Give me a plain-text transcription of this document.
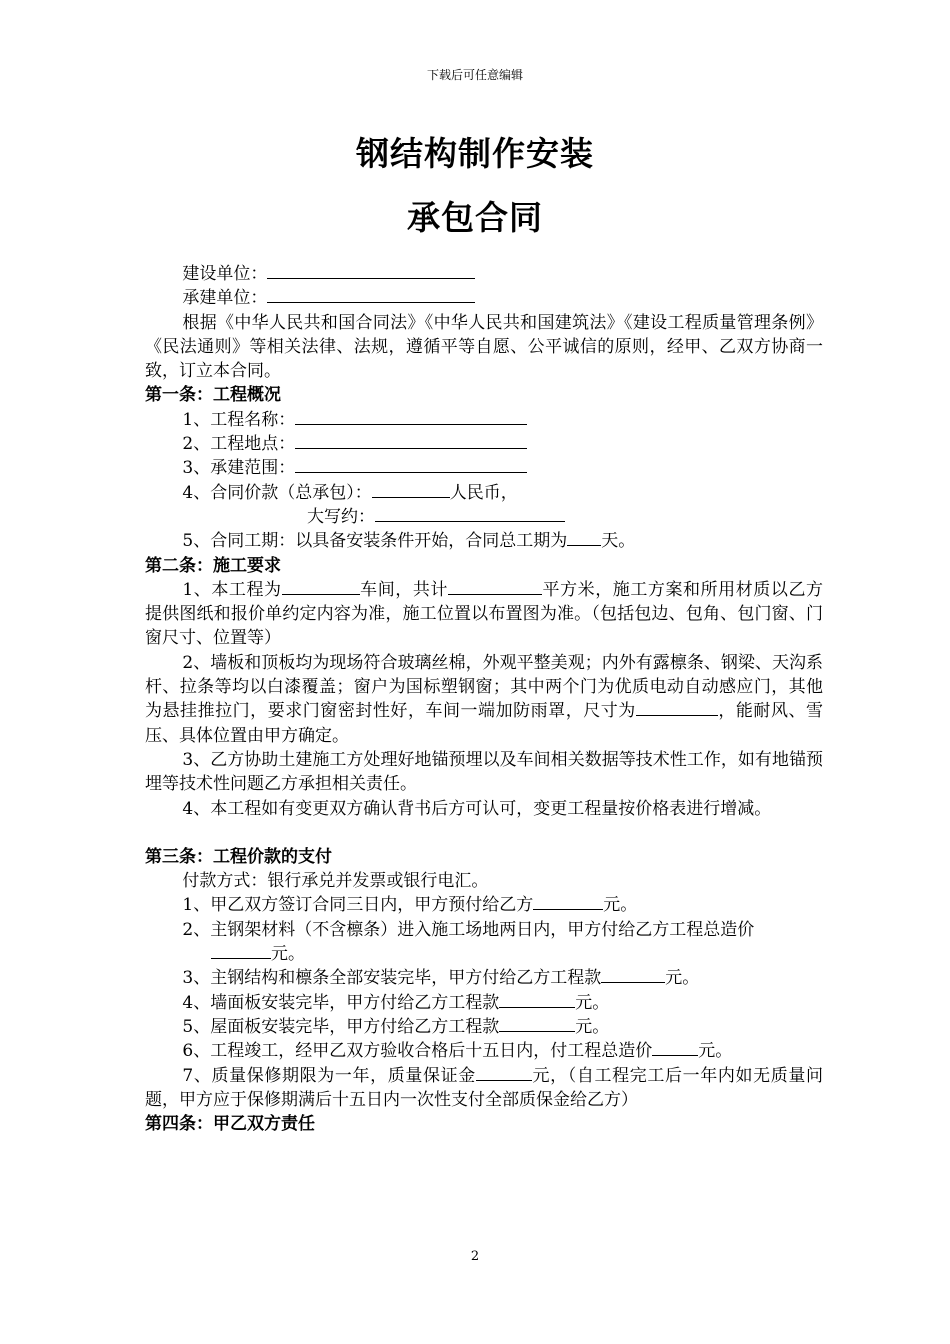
下载后可任意编辑
钢结构制作安装
承包合同

建设单位：

承建单位：

根据《中华人民共和国合同法》《中华人民共和国建筑法》《建设工程质量管理条例》《民法通则》等相关法律、法规，遵循平等自愿、公平诚信的原则，经甲、乙双方协商一致，订立本合同。

第一条：工程概况

1、工程名称：

2、工程地点：

3、承建范围：

4、合同价款（总承包）：	人民币，

大写约：

5、合同工期：以具备安装条件开始，合同总工期为 天。

第二条：施工要求

1、本工程为	车间，共计	平方米，施工方案和所用材质以乙方提供图纸和报价单约定内容为准，施工位置以布置图为准。（包括包边、包角、包门窗、门窗尺寸、位置等）

2、墙板和顶板均为现场符合玻璃丝棉，外观平整美观；内外有露檩条、钢梁、天沟系杆、拉条等均以白漆覆盖；窗户为国标塑钢窗；其中两个门为优质电动自动感应门，其他为悬挂推拉门，要求门窗密封性好，车间一端加防雨罩，尺寸为	，能耐风、雪压、具体位置由甲方确定。

3、乙方协助土建施工方处理好地锚预埋以及车间相关数据等技术性工作，如有地锚预埋等技术性问题乙方承担相关责任。

4、本工程如有变更双方确认背书后方可认可，变更工程量按价格表进行增减。

第三条：工程价款的支付

付款方式：银行承兑并发票或银行电汇。

1、甲乙双方签订合同三日内，甲方预付给乙方	元。

2、主钢架材料（不含檩条）进入施工场地两日内，甲方付给乙方工程总造价

元。

3、主钢结构和檩条全部安装完毕，甲方付给乙方工程款	元。

4、墙面板安装完毕，甲方付给乙方工程款	元。

5、屋面板安装完毕，甲方付给乙方工程款	元。

6、工程竣工，经甲乙双方验收合格后十五日内，付工程总造价	元。

7、质量保修期限为一年，质量保证金	元，（自工程完工后一年内如无质量问题，甲方应于保修期满后十五日内一次性支付全部质保金给乙方）

第四条：甲乙双方责任

2
